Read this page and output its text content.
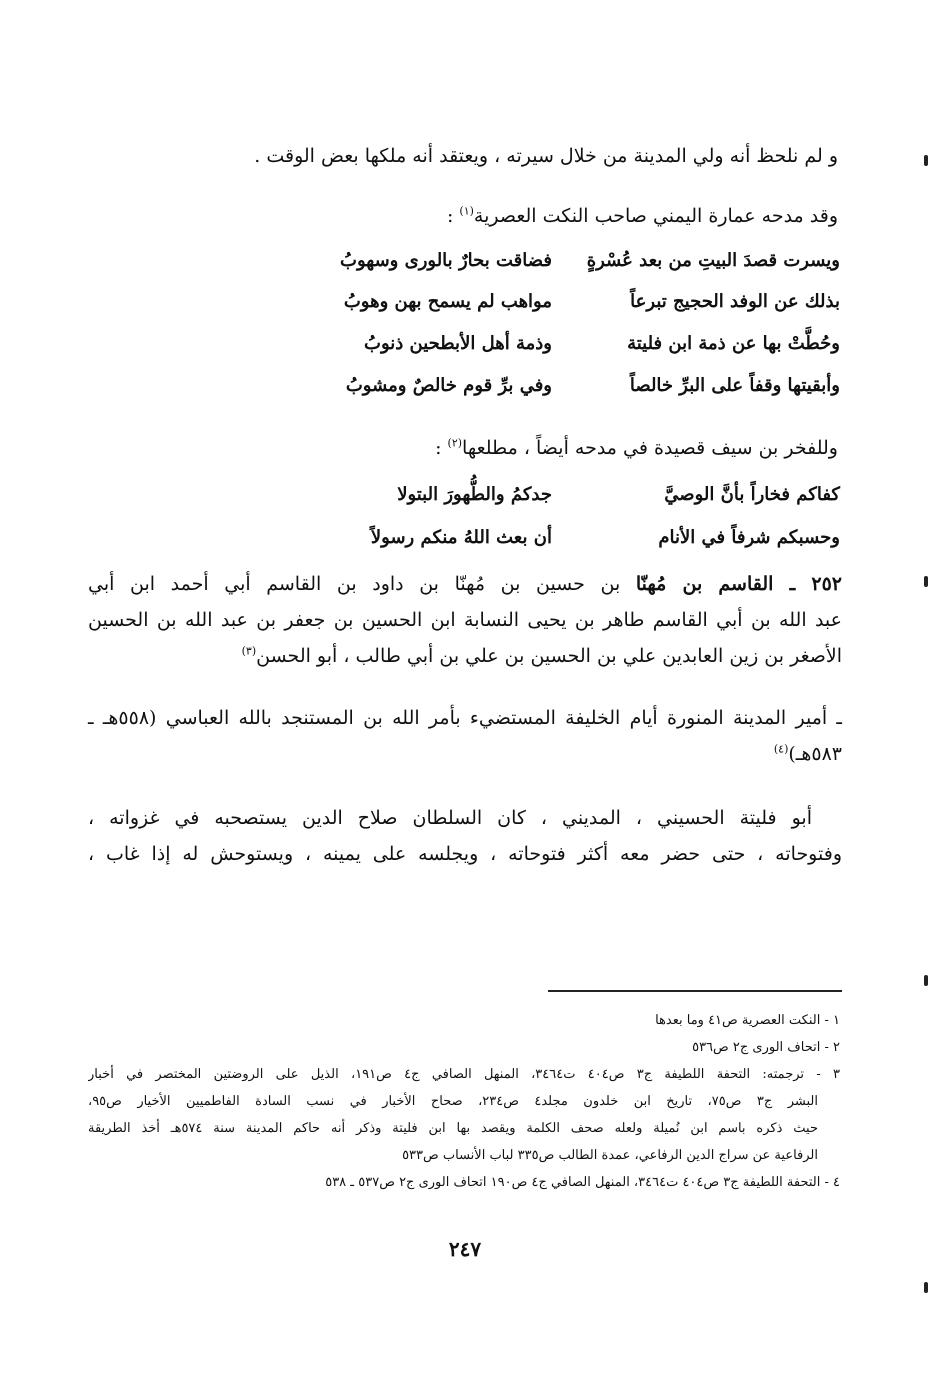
و لم نلحظ أنه ولي المدينة من خلال سيرته ، ويعتقد أنه ملكها بعض الوقت .
وقد مدحه عمارة اليمني صاحب النكت العصرية$^{(١)}$ :
ويسرت قصدَ البيتِ من بعد عُسْرةٍ
فضاقت بحارٌ بالورى وسهوبُ
بذلك عن الوفد الحجيج تبرعاً
مواهب لم يسمح بهن وهوبُ
وحُطَّتْ بها عن ذمة ابن فليتة
وذمة أهل الأبطحين ذنوبُ
وأبقيتها وقفاً على البرِّ خالصاً
وفي برِّ قوم خالصٌ ومشوبُ
وللفخر بن سيف قصيدة في مدحه أيضاً ، مطلعها$^{(٢)}$ :
كفاكم فخاراً بأنَّ الوصيَّ
جدكمُ والطُّهورَ البتولا
وحسبكم شرفاً في الأنام
أن بعث اللهُ منكم رسولاً
٢٥٢ ـ القاسم بن مُهنّا بن حسين بن مُهنّا بن داود بن القاسم أبي أحمد ابن أبي
عبد الله بن أبي القاسم طاهر بن يحيى النسابة ابن الحسين بن جعفر بن عبد الله بن الحسين
الأصغر بن زين العابدين علي بن الحسين بن علي بن أبي طالب ، أبو الحسن$^{(٣)}$
ـ أمير المدينة المنورة أيام الخليفة المستضيء بأمر الله بن المستنجد بالله العباسي (٥٥٨هـ ـ
٥٨٣هـ)$^{(٤)}$
أبو فليتة الحسيني ، المديني ، كان السلطان صلاح الدين يستصحبه في غزواته ،
وفتوحاته ، حتى حضر معه أكثر فتوحاته ، ويجلسه على يمينه ، ويستوحش له إذا غاب ،
١ - النكت العصرية ص٤١ وما بعدها
٢ - اتحاف الورى ج٢ ص٥٣٦
٣ - ترجمته: التحفة اللطيفة ج٣ ص٤٠٤ ت٣٤٦٤، المنهل الصافي ج٤ ص١٩١، الذيل على الروضتين المختصر في أخبار
البشر ج٣ ص٧٥، تاريخ ابن خلدون مجلد٤ ص٢٣٤، صحاح الأخبار في نسب السادة الفاطميين الأخيار ص٩٥،
حيث ذكره باسم ابن نُميلة ولعله صحف الكلمة ويقصد بها ابن فليتة وذكر أنه حاكم المدينة سنة ٥٧٤هـ أخذ الطريقة
الرفاعية عن سراج الدين الرفاعي، عمدة الطالب ص٣٣٥ لباب الأنساب ص٥٣٣
٤ - التحفة اللطيفة ج٣ ص٤٠٤ ت٣٤٦٤، المنهل الصافي ج٤ ص١٩٠ اتحاف الورى ج٢ ص٥٣٧ ـ ٥٣٨
٢٤٧
